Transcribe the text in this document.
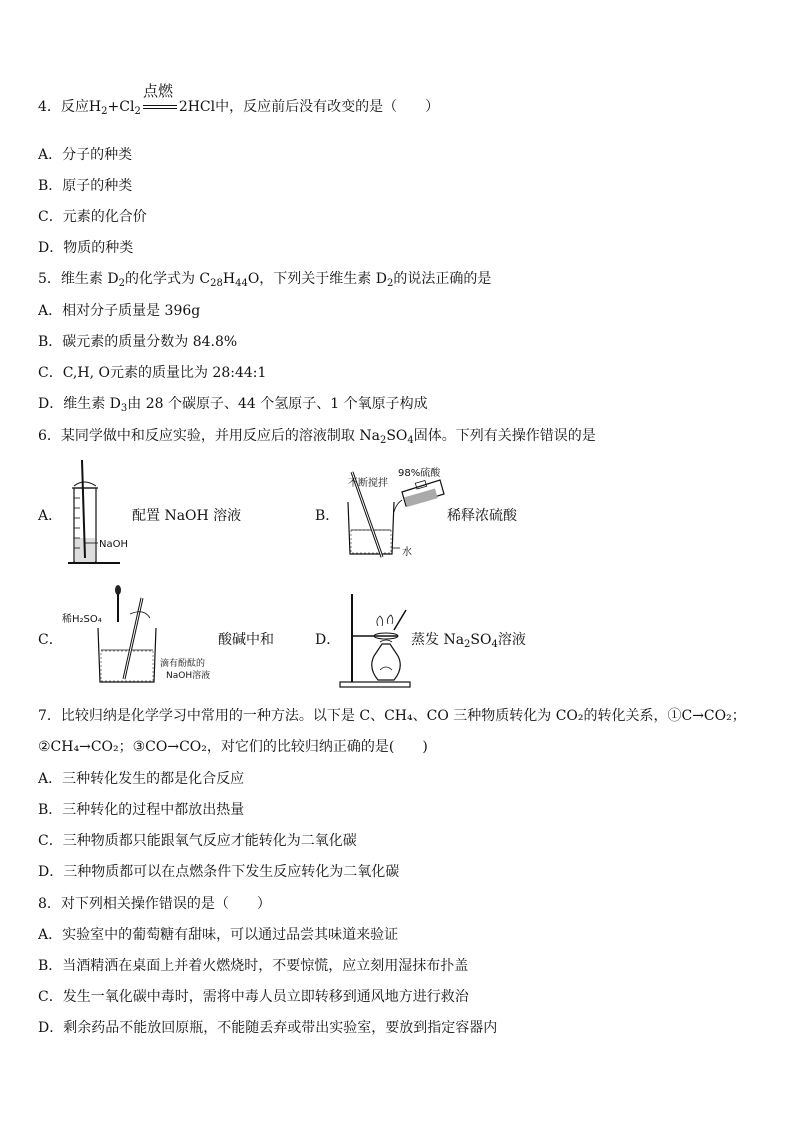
点燃
4．反应$H_2+Cl_2$	2HCl中，反应前后没有改变的是（　　）
A．分子的种类
B．原子的种类
C．元素的化合价
D．物质的种类
5．维生素 $D_2$的化学式为 $C_{28}H_{44}O$，下列关于维生素 $D_2$的说法正确的是
A．相对分子质量是 396g
B．碳元素的质量分数为 84.8%
C．C,H, O元素的质量比为 28:44:1
D．维生素 $D_3$由 28 个碳原子、44 个氢原子、1 个氧原子构成
6．某同学做中和反应实验，并用反应后的溶液制取 $Na_2SO_4$固体。下列有关操作错误的是
A．
NaOH
配置 NaOH 溶液	B．
不断搅拌
98%硫酸
水
稀释浓硫酸
C．
稀H₂SO₄
滴有酚酞的
NaOH溶液
酸碱中和	D．	蒸发 $Na_2SO_4$溶液
7．比较归纳是化学学习中常用的一种方法。以下是 C、CH₄、CO 三种物质转化为 CO₂的转化关系，①C→CO₂；
②CH₄→CO₂；③CO→CO₂，对它们的比较归纳正确的是(　　)
A．三种转化发生的都是化合反应
B．三种转化的过程中都放出热量
C．三种物质都只能跟氧气反应才能转化为二氧化碳
D．三种物质都可以在点燃条件下发生反应转化为二氧化碳
8．对下列相关操作错误的是（　　）
A．实验室中的葡萄糖有甜味，可以通过品尝其味道来验证
B．当酒精洒在桌面上并着火燃烧时，不要惊慌，应立刻用湿抹布扑盖
C．发生一氧化碳中毒时，需将中毒人员立即转移到通风地方进行救治
D．剩余药品不能放回原瓶，不能随丢弃或带出实验室，要放到指定容器内
